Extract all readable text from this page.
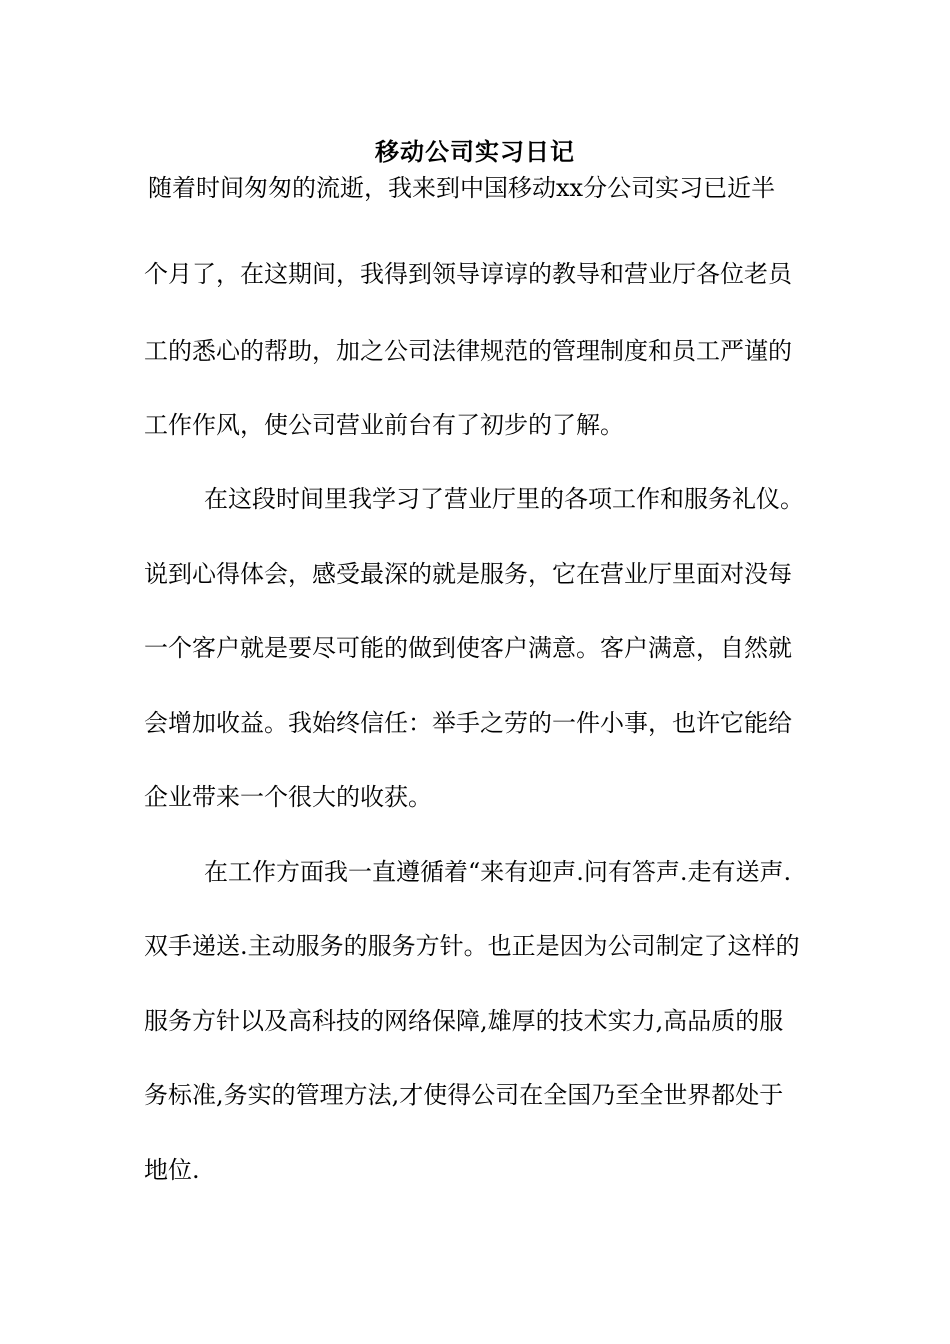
移动公司实习日记
随着时间匆匆的流逝，我来到中国移动xx分公司实习已近半
个月了，在这期间，我得到领导谆谆的教导和营业厅各位老员
工的悉心的帮助，加之公司法律规范的管理制度和员工严谨的
工作作风，使公司营业前台有了初步的了解。
在这段时间里我学习了营业厅里的各项工作和服务礼仪。
说到心得体会，感受最深的就是服务，它在营业厅里面对没每
一个客户就是要尽可能的做到使客户满意。客户满意，自然就
会增加收益。我始终信任：举手之劳的一件小事，也许它能给
企业带来一个很大的收获。
在工作方面我一直遵循着“来有迎声.问有答声.走有送声.
双手递送.主动服务的服务方针。也正是因为公司制定了这样的
服务方针以及高科技的网络保障,雄厚的技术实力,高品质的服
务标准,务实的管理方法,才使得公司在全国乃至全世界都处于
地位.
